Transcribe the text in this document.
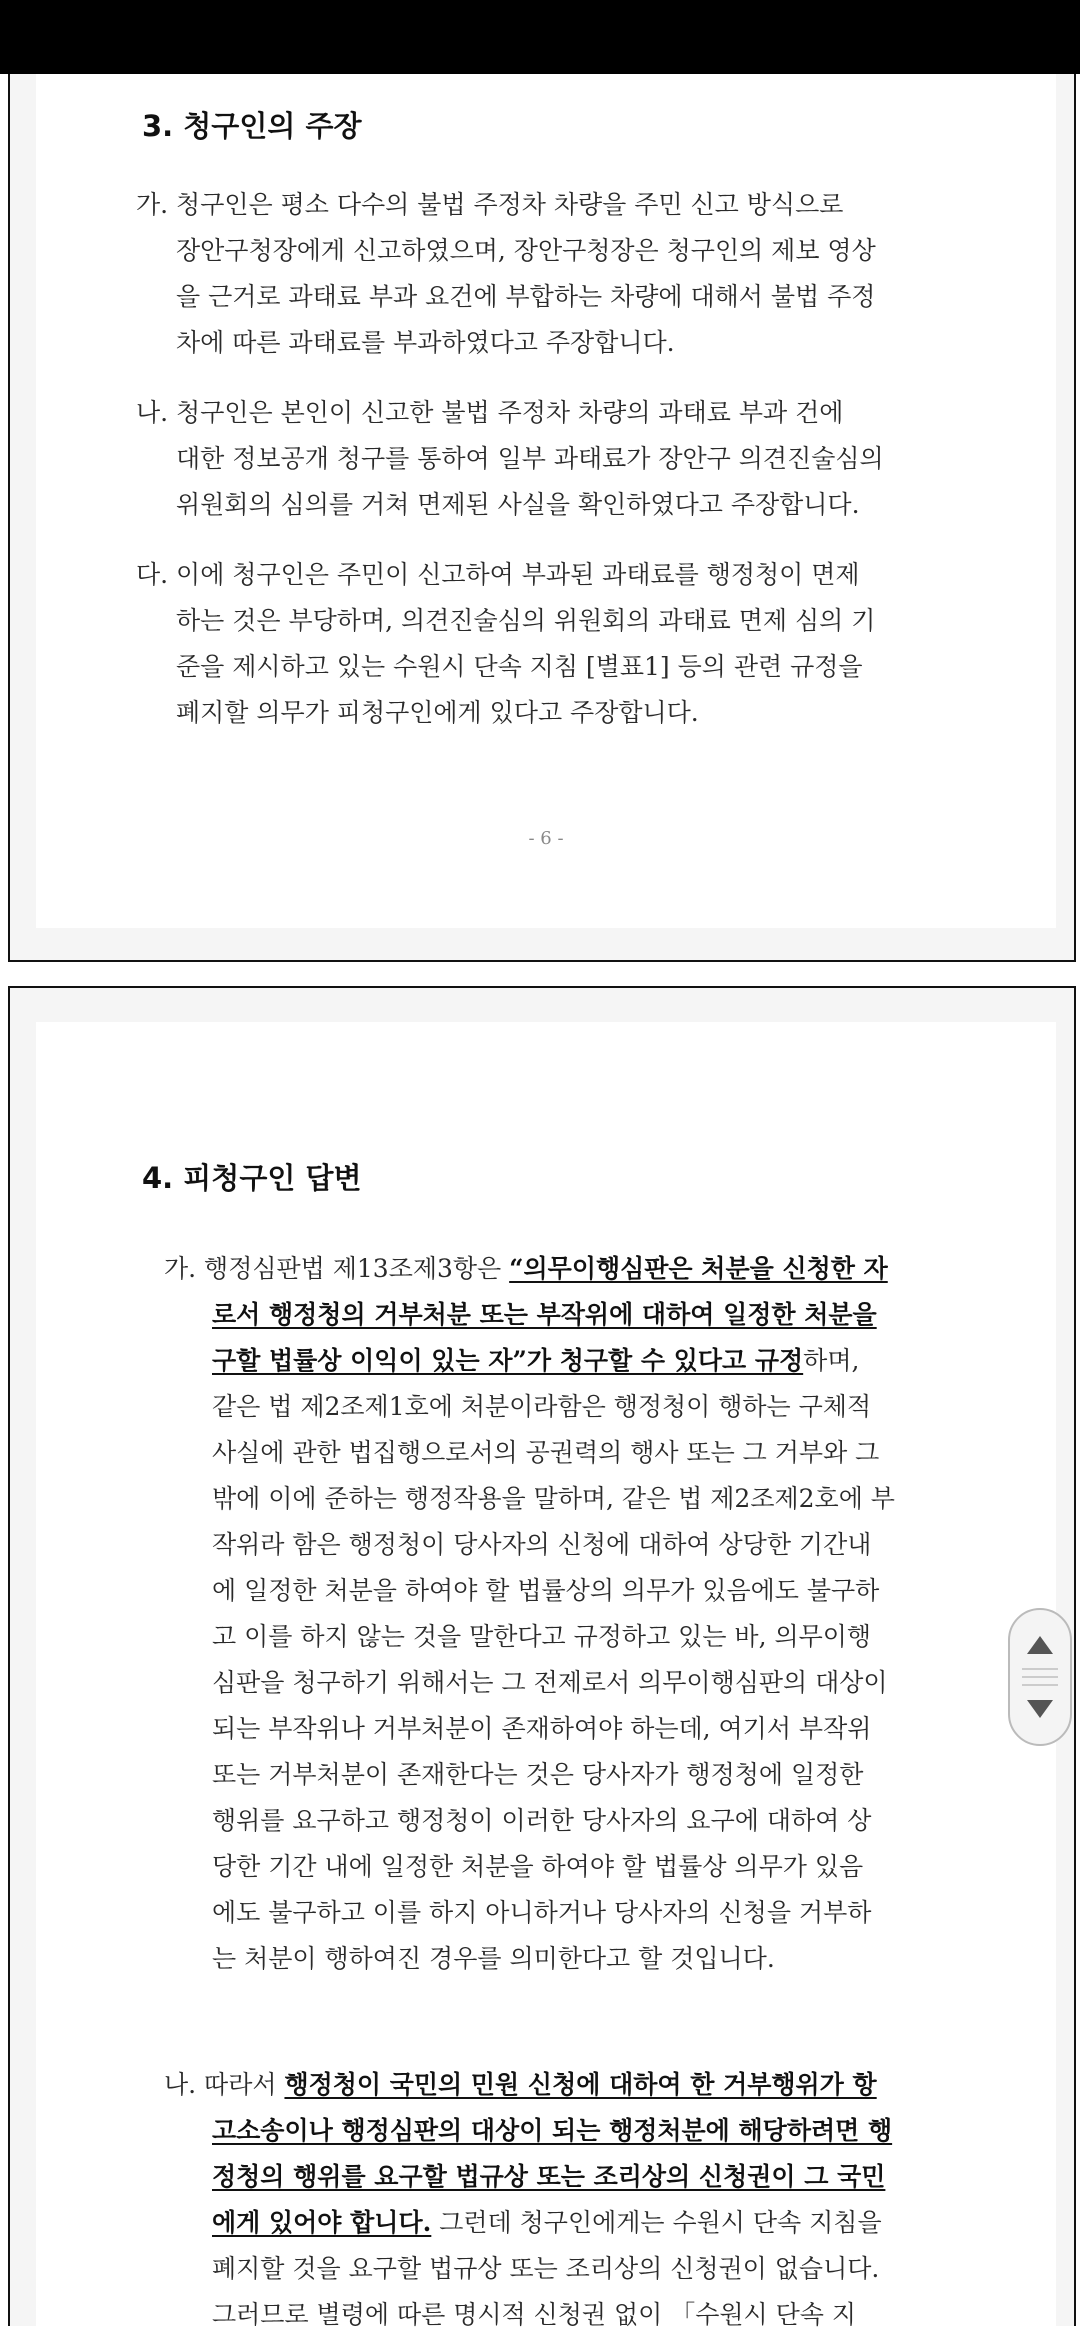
3. 청구인의 주장
가. 청구인은 평소 다수의 불법 주정차 차량을 주민 신고 방식으로
장안구청장에게 신고하였으며, 장안구청장은 청구인의 제보 영상
을 근거로 과태료 부과 요건에 부합하는 차량에 대해서 불법 주정
차에 따른 과태료를 부과하였다고 주장합니다.
나. 청구인은 본인이 신고한 불법 주정차 차량의 과태료 부과 건에
대한 정보공개 청구를 통하여 일부 과태료가 장안구 의견진술심의
위원회의 심의를 거쳐 면제된 사실을 확인하였다고 주장합니다.
다. 이에 청구인은 주민이 신고하여 부과된 과태료를 행정청이 면제
하는 것은 부당하며, 의견진술심의 위원회의 과태료 면제 심의 기
준을 제시하고 있는 수원시 단속 지침 [별표1] 등의 관련 규정을
폐지할 의무가 피청구인에게 있다고 주장합니다.
- 6 -
4. 피청구인 답변
가. 행정심판법 제13조제3항은 “의무이행심판은 처분을 신청한 자
로서 행정청의 거부처분 또는 부작위에 대하여 일정한 처분을
구할 법률상 이익이 있는 자”가 청구할 수 있다고 규정하며,
같은 법 제2조제1호에 처분이라함은 행정청이 행하는 구체적
사실에 관한 법집행으로서의 공권력의 행사 또는 그 거부와 그
밖에 이에 준하는 행정작용을 말하며, 같은 법 제2조제2호에 부
작위라 함은 행정청이 당사자의 신청에 대하여 상당한 기간내
에 일정한 처분을 하여야 할 법률상의 의무가 있음에도 불구하
고 이를 하지 않는 것을 말한다고 규정하고 있는 바, 의무이행
심판을 청구하기 위해서는 그 전제로서 의무이행심판의 대상이
되는 부작위나 거부처분이 존재하여야 하는데, 여기서 부작위
또는 거부처분이 존재한다는 것은 당사자가 행정청에 일정한
행위를 요구하고 행정청이 이러한 당사자의 요구에 대하여 상
당한 기간 내에 일정한 처분을 하여야 할 법률상 의무가 있음
에도 불구하고 이를 하지 아니하거나 당사자의 신청을 거부하
는 처분이 행하여진 경우를 의미한다고 할 것입니다.
나. 따라서 행정청이 국민의 민원 신청에 대하여 한 거부행위가 항
고소송이나 행정심판의 대상이 되는 행정처분에 해당하려면 행
정청의 행위를 요구할 법규상 또는 조리상의 신청권이 그 국민
에게 있어야 합니다. 그런데 청구인에게는 수원시 단속 지침을
폐지할 것을 요구할 법규상 또는 조리상의 신청권이 없습니다.
그러므로 별령에 따른 명시적 신청권 없이 「수원시 단속 지
